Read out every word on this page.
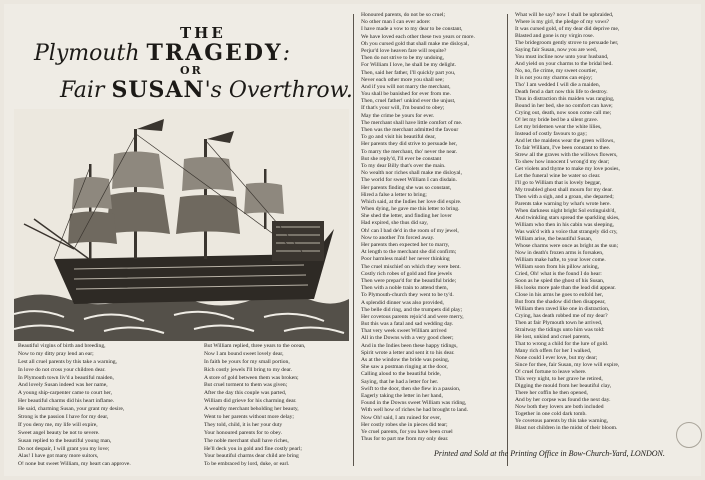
THE
Plymouth TRAGEDY:
OR
Fair SUSAN's Overthrow.
Beautiful virgins of birth and breeding,
Now to my ditty pray lend an ear;
Lest all cruel parents by this take a warning,
In love do not cross your children dear.
In Plymouth town liv'd a beautiful maiden,
And lovely Susan indeed was her name,
A young ship-carpenter came to court her,
Her beautiful charms did his heart inflame.
He said, charming Susan, your grant my desire,
Strong is the passion I have for my dear,
If you deny me, my life will expire,
Sweet angel beauty be not to severe.
Susan replied to the beautiful young man,
Do not despair, I will grant you my love;
Alas! I have got many more suitors,
O! none but sweet William, my heart can approve.
But William replied, three years to the ocean,
Now I am bound sweet lovely dear,
In faith be yours for my small portion,
Rich costly jewels I'll bring to my dear.
A store of gold between them was broken;
But cruel torment to them was given;
After the day this couple was parted,
William did grieve for his charming dear.
A wealthy merchant beholding her beauty,
Went to her parents without more delay;
They told, child, it is her your duty
Your honoured parents for to obey.
The noble merchant shall have riches,
He'll deck you in gold and fine costly pearl;
Your beautiful charms dear child are bring
To be embraced by lord, duke, or earl.
Honoured parents, do not be so cruel;
No other man I can ever adore:
I have made a vow to my dear to be constant,
We have loved each other these two years or more.
Oh you cursed gold that shall make me disloyal,
Perjur'd love heaven fare will requite?
Then do not strive to be my undoing,
For William I love, he shall be my delight.
Then, said her father, I'll quickly part you,
Never each other more you shall see;
And if you will not marry the merchant,
You shall be banished for ever from me.
Then, cruel father! unkind ever the unjust,
If that's your will, I'm bound to obey;
May the crime be yours for ever.
The merchant shall have little comfort of me.
Then was the merchant admitted the favour
To go and visit his beautiful dear,
Her parents they did strive to persuade her,
To marry the merchant, tho' never the near.
But she reply'd, I'll ever be constant
To my dear Billy that's over the main.
No wealth nor riches shall make me disloyal,
The world for sweet William I can disdain.
Her parents finding she was so constant,
Hired a false a letter to bring;
Which said, at the Indies her love did expire.
When dying, he gave me this letter to bring.
She shed the letter, and finding her lover
Had expired, she thus did say,
Oh! can I bad de'd in the room of my jewel,
Now to another I'm forced away.
Her parents then expected her to marry,
At length to the merchant she did confirm;
Poor harmless maid! her never thinking
The cruel mischief on which they were bent.
Costly rich robes of gold and fine jewels
Then were prepar'd for the beautiful bride;
Then with a noble train to attend them,
To Plymouth-church they went to be ty'd.
A splendid dinner was also provided,
The belle did ring, and the trumpets did play;
Her covetous parents rejoic'd and were merry,
But this was a fatal and sad wedding day.
That very week sweet William arrived
All in the Downs with a very good cheer;
And in the Indies been these happy tidings,
Spirit wrote a letter and sent it to his dear.
As at the window the bride was posing,
She saw a postman ringing at the door,
Calling aloud to the beautiful bride,
Saying, that he had a letter for her.
Swift to the door, then she flew in a passion,
Eagerly taking the letter in her hand,
Found in the Downs sweet William was riding,
With well how of riches he had brought to land.
Now Oh! said, I am ruined for ever,
Her costly robes she in pieces did tear;
Ye cruel parents, for you have been cruel
Thus for to part me from my only dear.
What will he say? now I shall be upbraided,
Where is my girl, the pledge of my vows?
It was cursed gold, of my dear did deprive me,
Blasted and gone is my virgin rose.
The bridegroom gently strove to persuade her,
Saying fair Susan, now you are wed,
You must incline now unto your husband,
And yield on your charms to the bridal bed.
No, no, fie crime, my sweet courtier,
It is not you my charms can enjoy;
Tho' I am wedded I will die a maiden,
Death fend a dart now this life to destroy.
Thus in distraction this maiden was ranging,
Bound in her bed, she no comfort can have;
Crying out, death, now soon come call me;
O! let my bride bed be a silent grave.
Let my bridemen wear the white lilies,
Instead of costly favours to gay;
And let the maidens wear the green willows,
To fair William, I've been constant to thee.
Strew all the graves with the willows flowers,
To shew how innocent I wrong'd my dear;
Get violets and thyme to make my love posies,
Let the funeral wine be water so clear.
I'll go to William that is lovely beggar,
My troubled ghost shall mourn for my dear.
Then with a sigh, and a groan, she departed;
Parents take warning by what's wrote here.
When darkness night bright Sol extinguish'd,
And twinkling stars spread the sparkling skies,
William who then in his cabin was sleeping,
Was wak'd with a voice that strangely did cry,
William arise, the beautiful Susan,
Whose charms were once as bright as the sun;
Now in death's frozen arms is forsaken,
William make hafte, to your lover come.
William soon from his pillow arising,
Cried, Oh! what is the found I do hear:
Soon as he spied the ghost of his Susan,
His looks more pale than the lead did appear.
Close in his arms he goes to enfold her,
But from the shadow did then disappear,
William then raved like one in distraction,
Crying, has death robbed me of my dear?
Then at fair Plymouth town he arrived,
Straitway the tidings unto him was told:
He lost, unkind and cruel parents,
That to wrong a child for the lure of gold.
Many rich offers for her I walked,
None could I ever love, but my dear;
Since for thee, fair Susan, my love will expire,
O! cruel fortune to leave where.
This very night, to her grave he retired,
Digging the mould from her beautiful clay,
There her coffin he then opened,
And by her corpse was found the next day.
Now both they lovers are both included
Together in one cold dark tomb.
Ye covetous parents by this take warning,
Blast not children in the midst of their bloom.
Printed and Sold at the Printing Office in Bow-Church-Yard, LONDON.
